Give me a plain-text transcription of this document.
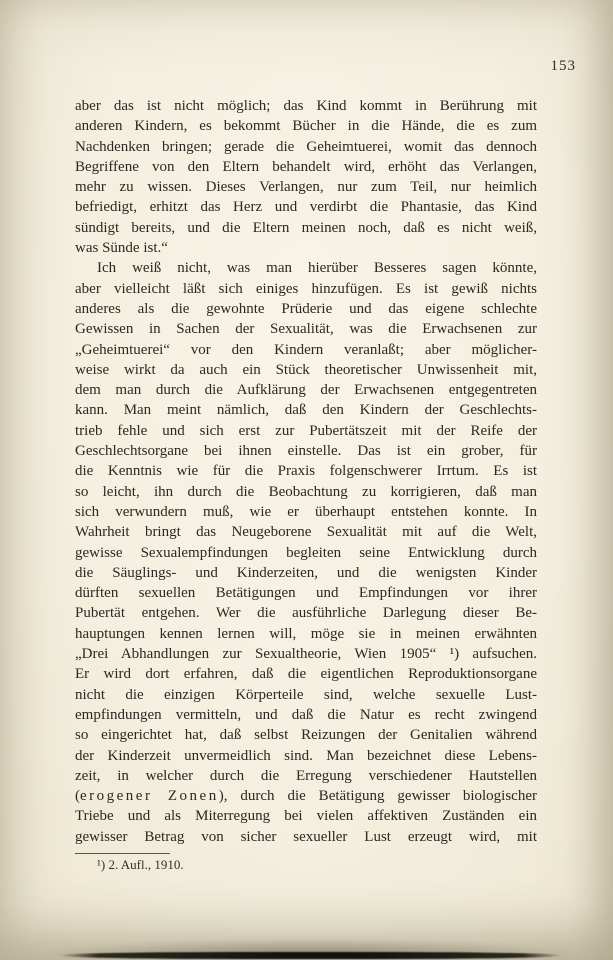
153
aber das ist nicht möglich; das Kind kommt in Berührung mit
anderen Kindern, es bekommt Bücher in die Hände, die es zum
Nachdenken bringen; gerade die Geheimtuerei, womit das dennoch
Begriffene von den Eltern behandelt wird, erhöht das Verlangen,
mehr zu wissen. Dieses Verlangen, nur zum Teil, nur heimlich
befriedigt, erhitzt das Herz und verdirbt die Phantasie, das Kind
sündigt bereits, und die Eltern meinen noch, daß es nicht weiß,
was Sünde ist.“
Ich weiß nicht, was man hierüber Besseres sagen könnte,
aber vielleicht läßt sich einiges hinzufügen. Es ist gewiß nichts
anderes als die gewohnte Prüderie und das eigene schlechte
Gewissen in Sachen der Sexualität, was die Erwachsenen zur
„Geheimtuerei“ vor den Kindern veranlaßt; aber möglicher-
weise wirkt da auch ein Stück theoretischer Unwissenheit mit,
dem man durch die Aufklärung der Erwachsenen entgegentreten
kann. Man meint nämlich, daß den Kindern der Geschlechts-
trieb fehle und sich erst zur Pubertätszeit mit der Reife der
Geschlechtsorgane bei ihnen einstelle. Das ist ein grober, für
die Kenntnis wie für die Praxis folgenschwerer Irrtum. Es ist
so leicht, ihn durch die Beobachtung zu korrigieren, daß man
sich verwundern muß, wie er überhaupt entstehen konnte. In
Wahrheit bringt das Neugeborene Sexualität mit auf die Welt,
gewisse Sexualempfindungen begleiten seine Entwicklung durch
die Säuglings- und Kinderzeiten, und die wenigsten Kinder
dürften sexuellen Betätigungen und Empfindungen vor ihrer
Pubertät entgehen. Wer die ausführliche Darlegung dieser Be-
hauptungen kennen lernen will, möge sie in meinen erwähnten
„Drei Abhandlungen zur Sexualtheorie, Wien 1905“ ¹) aufsuchen.
Er wird dort erfahren, daß die eigentlichen Reproduktionsorgane
nicht die einzigen Körperteile sind, welche sexuelle Lust-
empfindungen vermitteln, und daß die Natur es recht zwingend
so eingerichtet hat, daß selbst Reizungen der Genitalien während
der Kinderzeit unvermeidlich sind. Man bezeichnet diese Lebens-
zeit, in welcher durch die Erregung verschiedener Hautstellen
(erogener Zonen), durch die Betätigung gewisser biologischer
Triebe und als Miterregung bei vielen affektiven Zuständen ein
gewisser Betrag von sicher sexueller Lust erzeugt wird, mit
¹) 2. Aufl., 1910.
